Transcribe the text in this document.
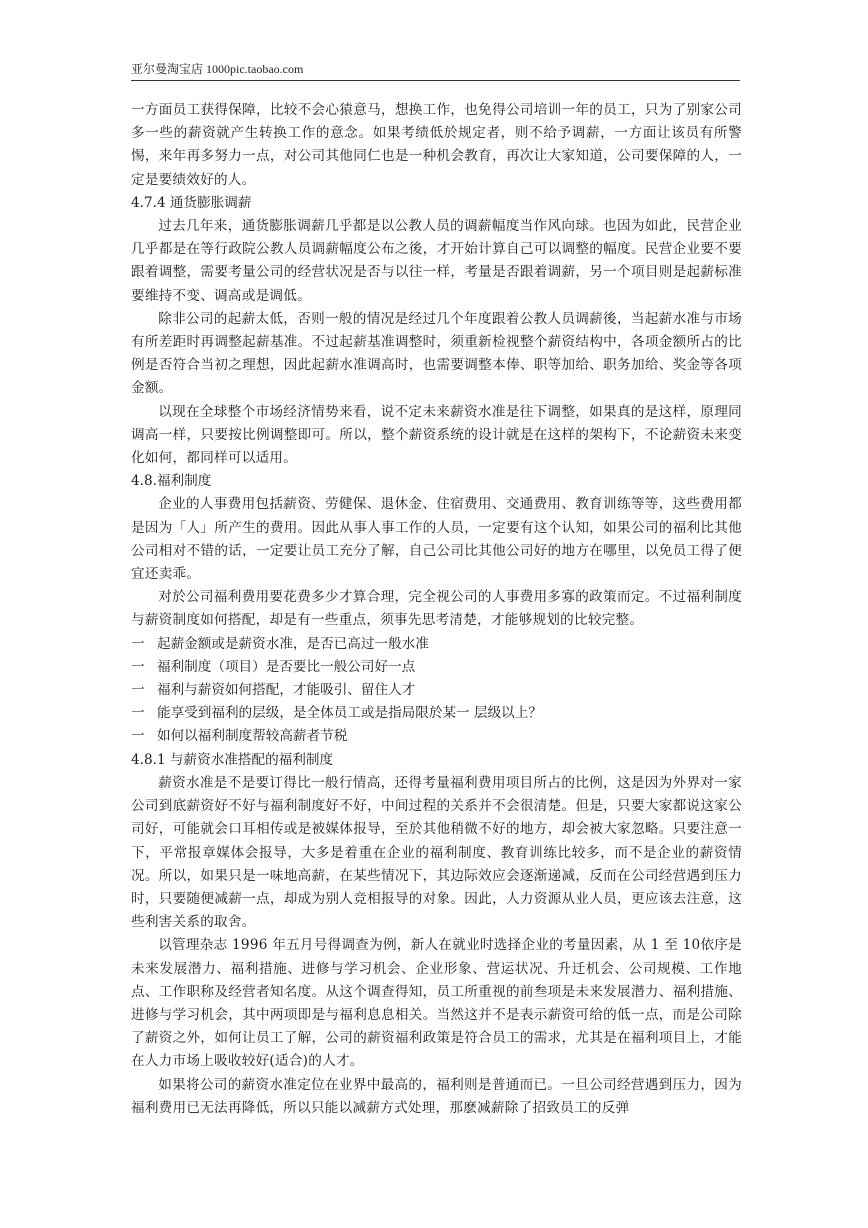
亚尔曼淘宝店 1000pic.taobao.com

一方面员工获得保障，比较不会心猿意马，想换工作，也免得公司培训一年的员工，只为了别家公司多一些的薪资就产生转换工作的意念。如果考绩低於规定者，则不给予调薪，一方面让该员有所警惕，来年再多努力一点，对公司其他同仁也是一种机会教育，再次让大家知道，公司要保障的人，一定是要绩效好的人。

4.7.4 通货膨胀调薪

过去几年来，通货膨胀调薪几乎都是以公教人员的调薪幅度当作风向球。也因为如此，民营企业几乎都是在等行政院公教人员调薪幅度公布之後，才开始计算自己可以调整的幅度。民营企业要不要跟着调整，需要考量公司的经营状况是否与以往一样，考量是否跟着调薪，另一个项目则是起薪标准要维持不变、调高或是调低。

除非公司的起薪太低，否则一般的情况是经过几个年度跟着公教人员调薪後，当起薪水准与市场有所差距时再调整起薪基准。不过起薪基准调整时，须重新检视整个薪资结构中，各项金额所占的比例是否符合当初之理想，因此起薪水准调高时，也需要调整本俸、职等加给、职务加给、奖金等各项金额。

以现在全球整个市场经济情势来看，说不定未来薪资水准是往下调整，如果真的是这样，原理同调高一样，只要按比例调整即可。所以，整个薪资系统的设计就是在这样的架构下，不论薪资未来变化如何，都同样可以适用。

4.8.福利制度

企业的人事费用包括薪资、劳健保、退休金、住宿费用、交通费用、教育训练等等，这些费用都是因为「人」所产生的费用。因此从事人事工作的人员，一定要有这个认知，如果公司的福利比其他公司相对不错的话，一定要让员工充分了解，自己公司比其他公司好的地方在哪里，以免员工得了便宜还卖乖。

对於公司福利费用要花费多少才算合理，完全视公司的人事费用多寡的政策而定。不过福利制度与薪资制度如何搭配，却是有一些重点，须事先思考清楚，才能够规划的比较完整。

一 起薪金额或是薪资水准，是否已高过一般水准

一 福利制度（项目）是否要比一般公司好一点

一 福利与薪资如何搭配，才能吸引、留住人才

一 能享受到福利的层级，是全体员工或是指局限於某一 层级以上？

一 如何以福利制度帮较高薪者节税

4.8.1 与薪资水准搭配的福利制度

薪资水准是不是要订得比一般行情高，还得考量福利费用项目所占的比例，这是因为外界对一家公司到底薪资好不好与福利制度好不好，中间过程的关系并不会很清楚。但是，只要大家都说这家公司好，可能就会口耳相传或是被媒体报导，至於其他稍微不好的地方，却会被大家忽略。只要注意一下，平常报章媒体会报导，大多是着重在企业的福利制度、教育训练比较多，而不是企业的薪资情况。所以，如果只是一味地高薪，在某些情况下，其边际效应会逐渐递减，反而在公司经营遇到压力时，只要随便减薪一点，却成为别人竞相报导的对象。因此，人力资源从业人员，更应该去注意，这些利害关系的取舍。

以管理杂志 1996 年五月号得调查为例，新人在就业时选择企业的考量因素，从 1 至 10依序是未来发展潜力、福利措施、进修与学习机会、企业形象、营运状况、升迁机会、公司规模、工作地点、工作职称及经营者知名度。从这个调查得知，员工所重视的前叁项是未来发展潜力、福利措施、进修与学习机会，其中两项即是与福利息息相关。当然这并不是表示薪资可给的低一点，而是公司除了薪资之外，如何让员工了解，公司的薪资福利政策是符合员工的需求，尤其是在福利项目上，才能在人力市场上吸收较好(适合)的人才。

如果将公司的薪资水准定位在业界中最高的，福利则是普通而已。一旦公司经营遇到压力，因为福利费用已无法再降低，所以只能以减薪方式处理，那麽减薪除了招致员工的反弹
